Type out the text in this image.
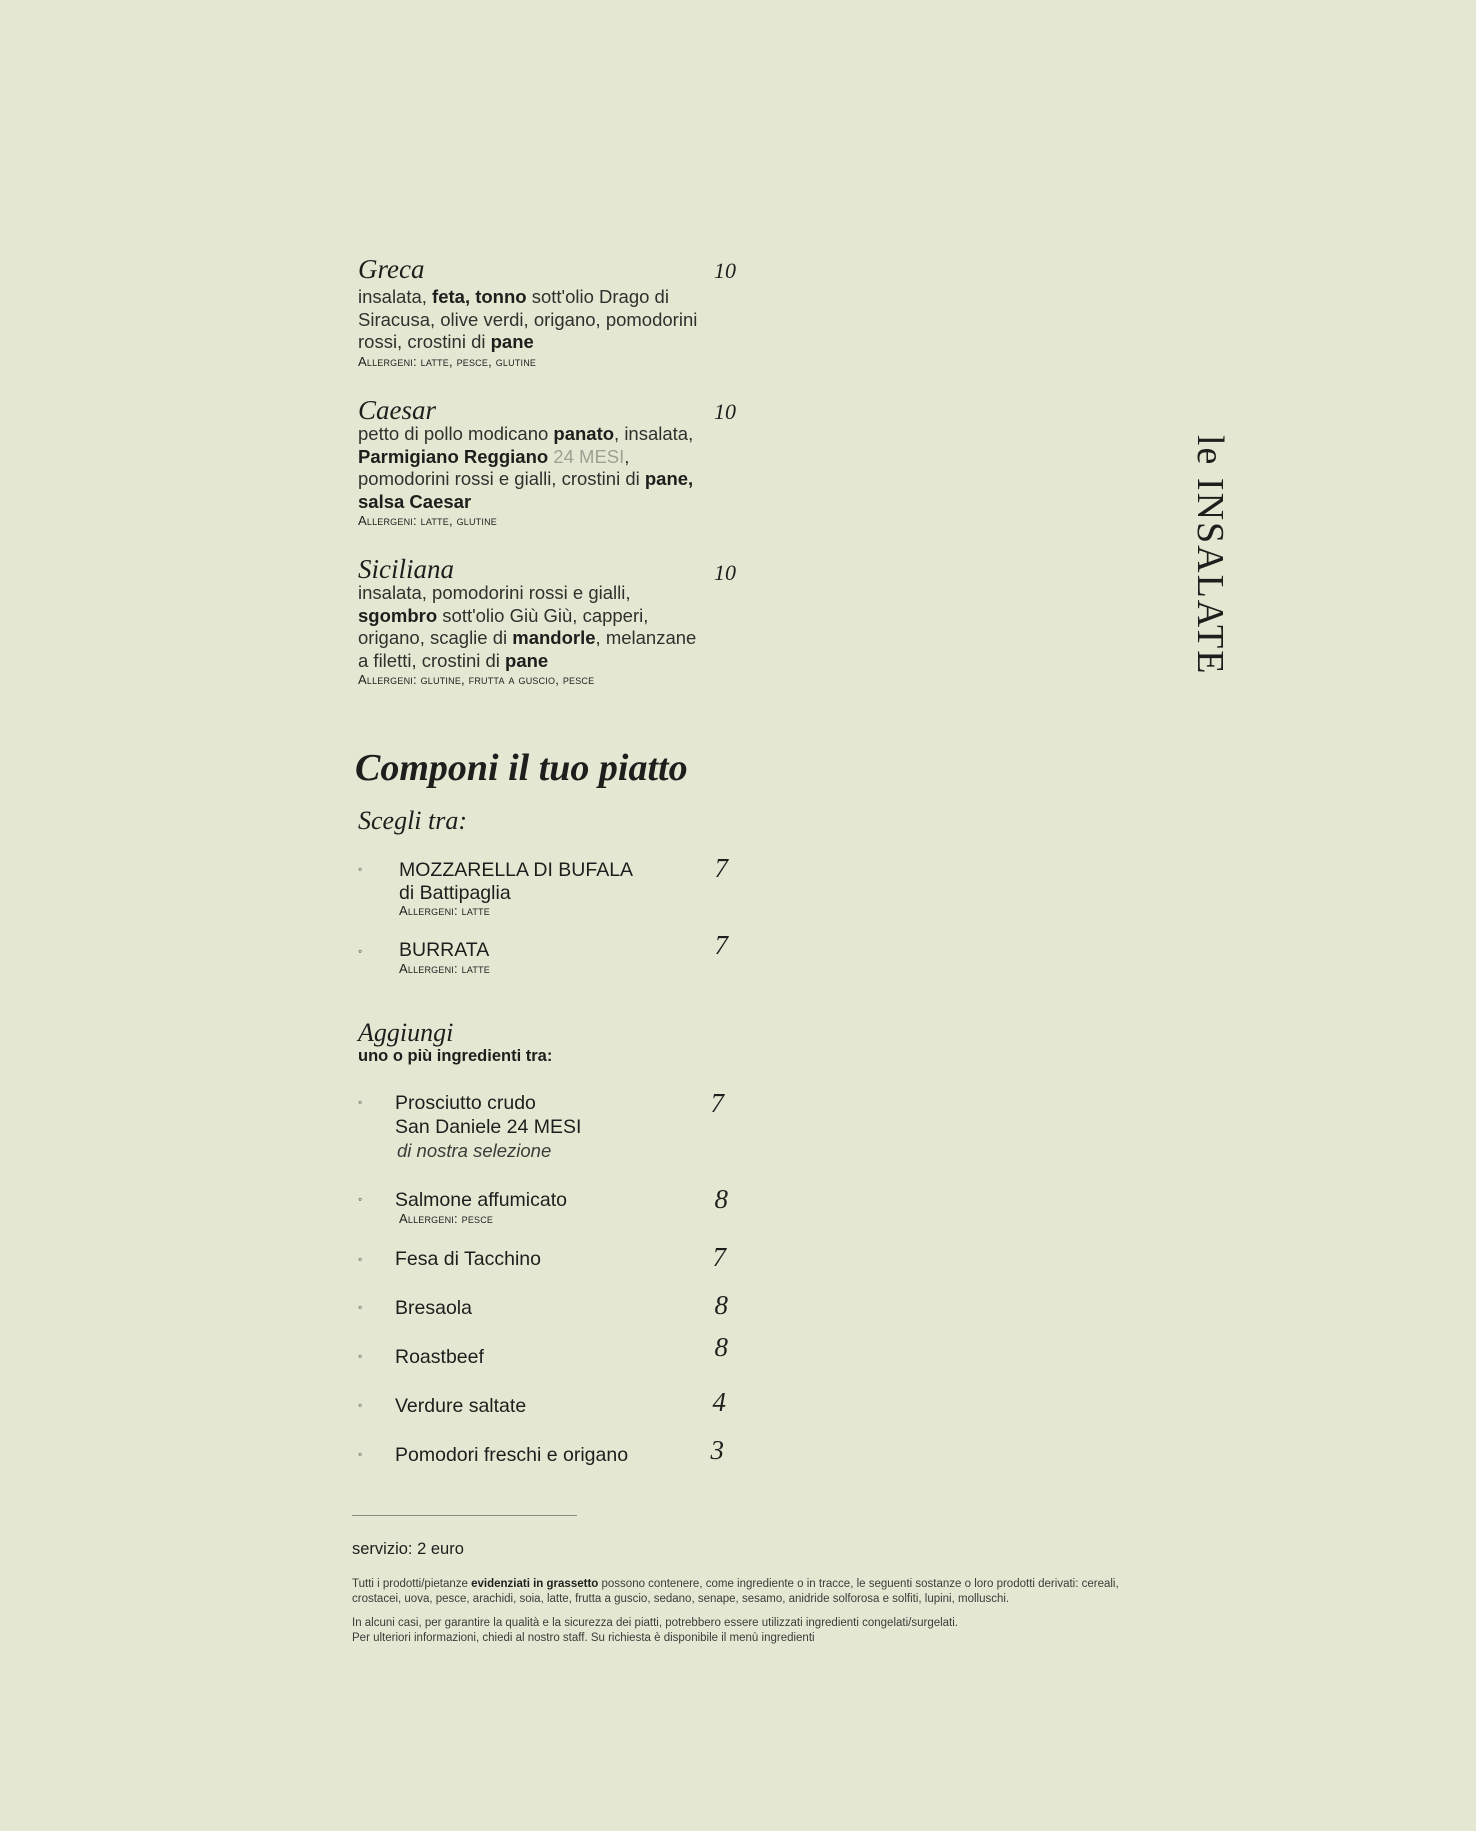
le INSALATE
Greca	10
insalata, feta, tonno sott'olio Drago di Siracusa, olive verdi, origano, pomodorini rossi, crostini di pane
Allergeni: latte, pesce, glutine
Caesar	10
petto di pollo modicano panato, insalata, Parmigiano Reggiano 24 MESI, pomodorini rossi e gialli, crostini di pane, salsa Caesar
Allergeni: latte, glutine
Siciliana	10
insalata, pomodorini rossi e gialli, sgombro sott'olio Giù Giù, capperi, origano, scaglie di mandorle, melanzane a filetti, crostini di pane
Allergeni: glutine, frutta a guscio, pesce
Componi il tuo piatto
Scegli tra:
◦ MOZZARELLA DI BUFALA
di Battipaglia
Allergeni: latte
7
◦ BURRATA
Allergeni: latte
7
Aggiungi
uno o più ingredienti tra:
◦ Prosciutto crudo
San Daniele 24 MESI
di nostra selezione
7
◦ Salmone affumicato
Allergeni: pesce
8
◦ Fesa di Tacchino	7
◦ Bresaola	8
◦ Roastbeef	8
◦ Verdure saltate	4
◦ Pomodori freschi e origano	3
servizio: 2 euro
Tutti i prodotti/pietanze evidenziati in grassetto possono contenere, come ingrediente o in tracce, le seguenti sostanze o loro prodotti derivati: cereali, crostacei, uova, pesce, arachidi, soia, latte, frutta a guscio, sedano, senape, sesamo, anidride solforosa e solfiti, lupini, molluschi.
In alcuni casi, per garantire la qualità e la sicurezza dei piatti, potrebbero essere utilizzati ingredienti congelati/surgelati.
Per ulteriori informazioni, chiedi al nostro staff. Su richiesta è disponibile il menù ingredienti
